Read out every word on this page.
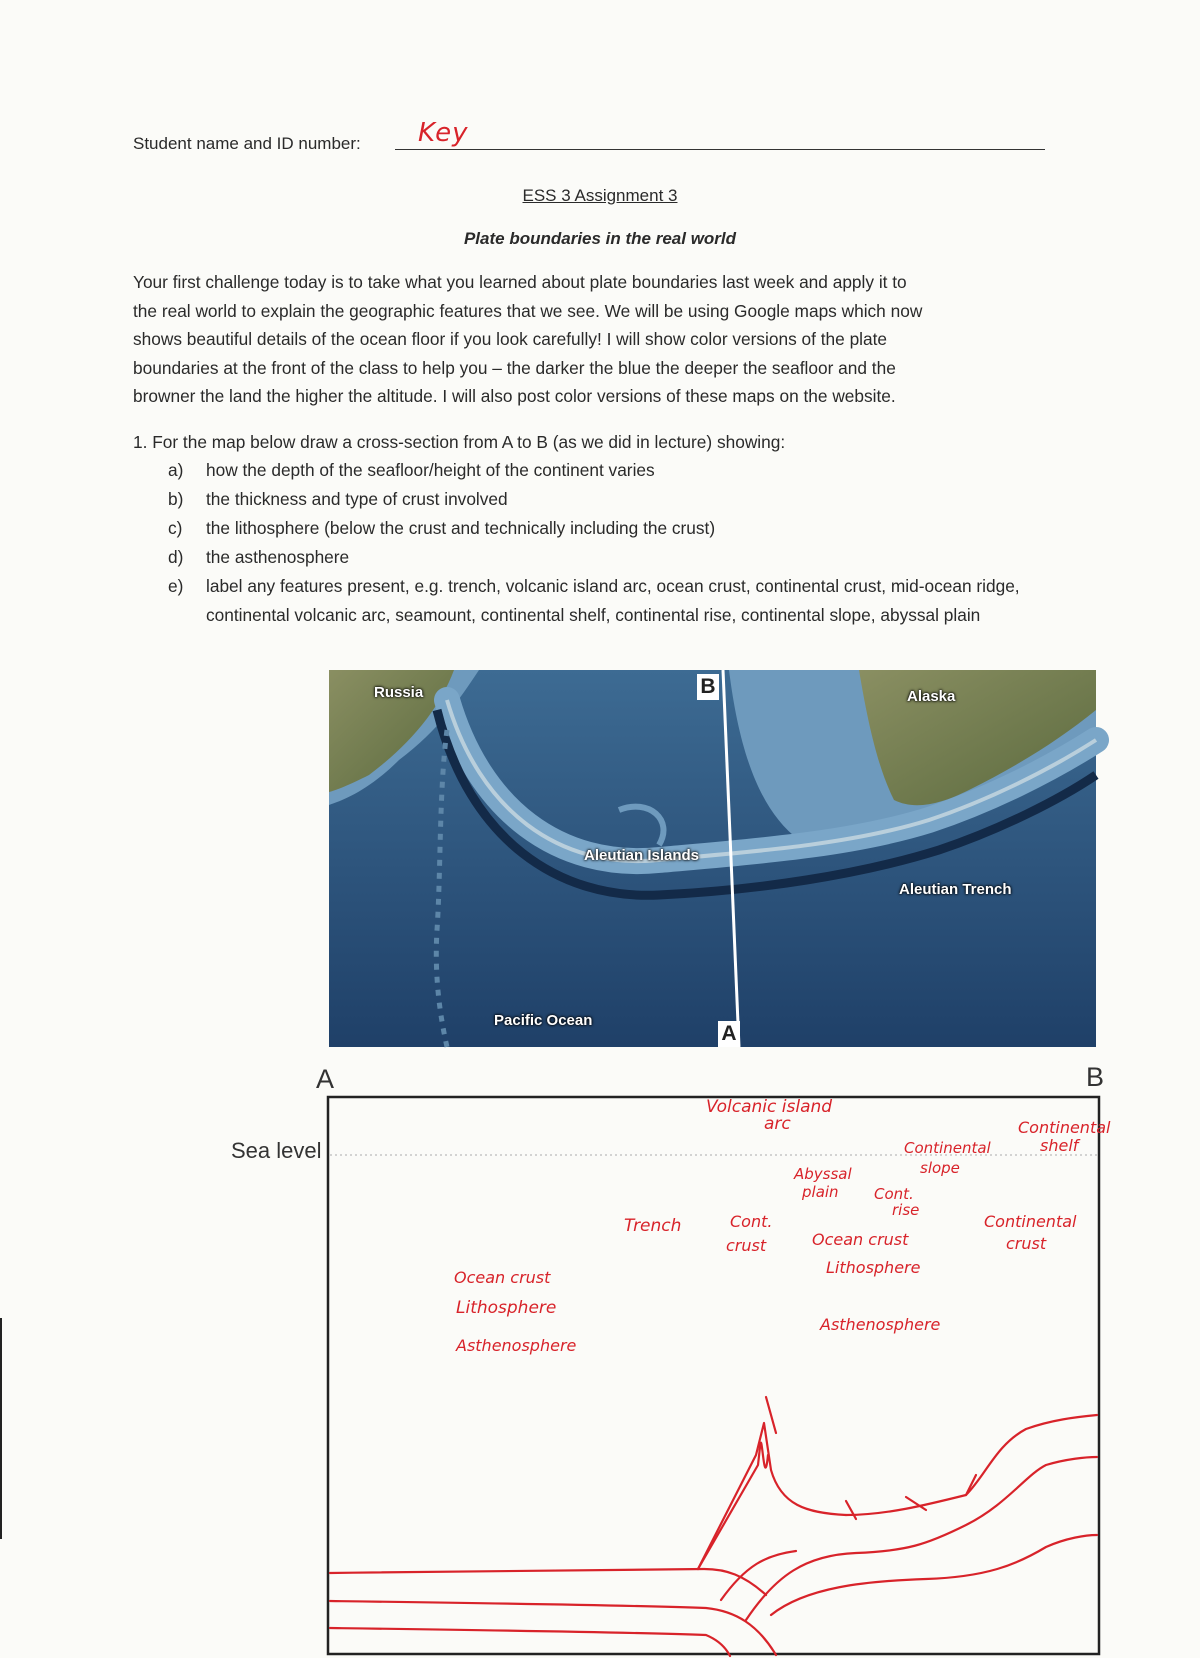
Student name and ID number: Key
ESS 3 Assignment 3
Plate boundaries in the real world
Your first challenge today is to take what you learned about plate boundaries last week and apply it to
the real world to explain the geographic features that we see. We will be using Google maps which now
shows beautiful details of the ocean floor if you look carefully! I will show color versions of the plate
boundaries at the front of the class to help you – the darker the blue the deeper the seafloor and the
browner the land the higher the altitude. I will also post color versions of these maps on the website.
1. For the map below draw a cross-section from A to B (as we did in lecture) showing:
a) how the depth of the seafloor/height of the continent varies
b) the thickness and type of crust involved
c) the lithosphere (below the crust and technically including the crust)
d) the asthenosphere
e) label any features present, e.g. trench, volcanic island arc, ocean crust, continental crust, mid-ocean ridge, continental volcanic arc, seamount, continental shelf, continental rise, continental slope, abyssal plain
Russia	Alaska
Aleutian Islands
Aleutian Trench
Pacific Ocean
B
A
A	B
Sea level
Volcanic island
arc	Continental
shelf
Continental
slope
Abyssal
plain Cont.
rise
Trench	Cont.
crust	Ocean crust
Continental
crust
Lithosphere
Asthenosphere
Ocean crust
Lithosphere
Asthenosphere
